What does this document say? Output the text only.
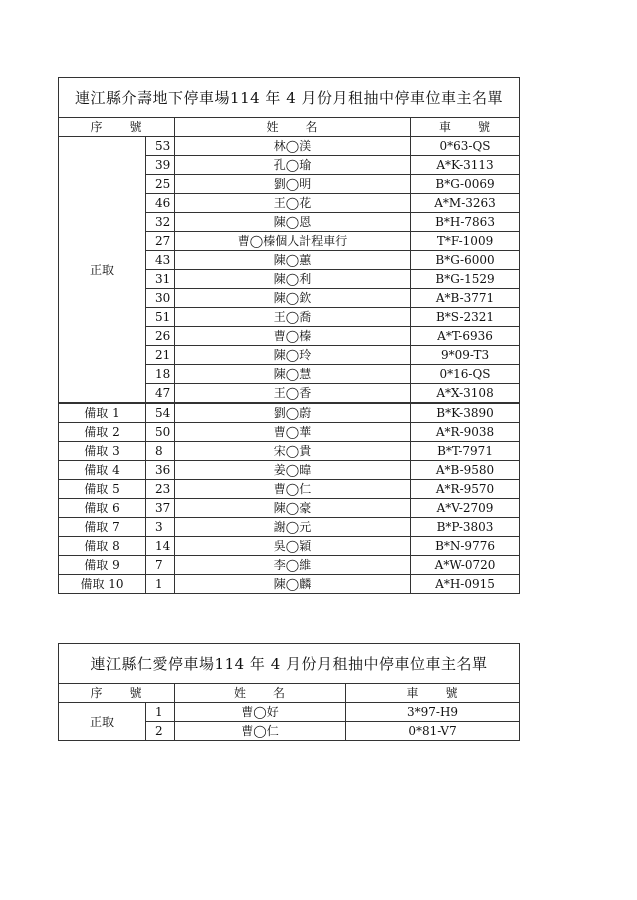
連江縣介壽地下停車場114 年 4 月份月租抽中停車位車主名單			
序　　號		姓　　名	車　　號
正取	53	林◯渼	0*63-QS
	39	孔◯瑜	A*K-3113
	25	劉◯明	B*G-0069
	46	王◯花	A*M-3263
	32	陳◯恩	B*H-7863
	27	曹◯榛個人計程車行	T*F-1009
	43	陳◯蕙	B*G-6000
	31	陳◯利	B*G-1529
	30	陳◯欽	A*B-3771
	51	王◯喬	B*S-2321
	26	曹◯榛	A*T-6936
	21	陳◯玲	9*09-T3
	18	陳◯慧	0*16-QS
	47	王◯香	A*X-3108
備取 1	54	劉◯蔚	B*K-3890
備取 2	50	曹◯華	A*R-9038
備取 3	8	宋◯貴	B*T-7971
備取 4	36	姜◯暐	A*B-9580
備取 5	23	曹◯仁	A*R-9570
備取 6	37	陳◯豪	A*V-2709
備取 7	3	謝◯元	B*P-3803
備取 8	14	吳◯穎	B*N-9776
備取 9	7	李◯維	A*W-0720
備取 10	1	陳◯麟	A*H-0915
連江縣仁愛停車場114 年 4 月份月租抽中停車位車主名單			
序　　號		姓　　名	車　　號
正取	1	曹◯好	3*97-H9
	2	曹◯仁	0*81-V7
